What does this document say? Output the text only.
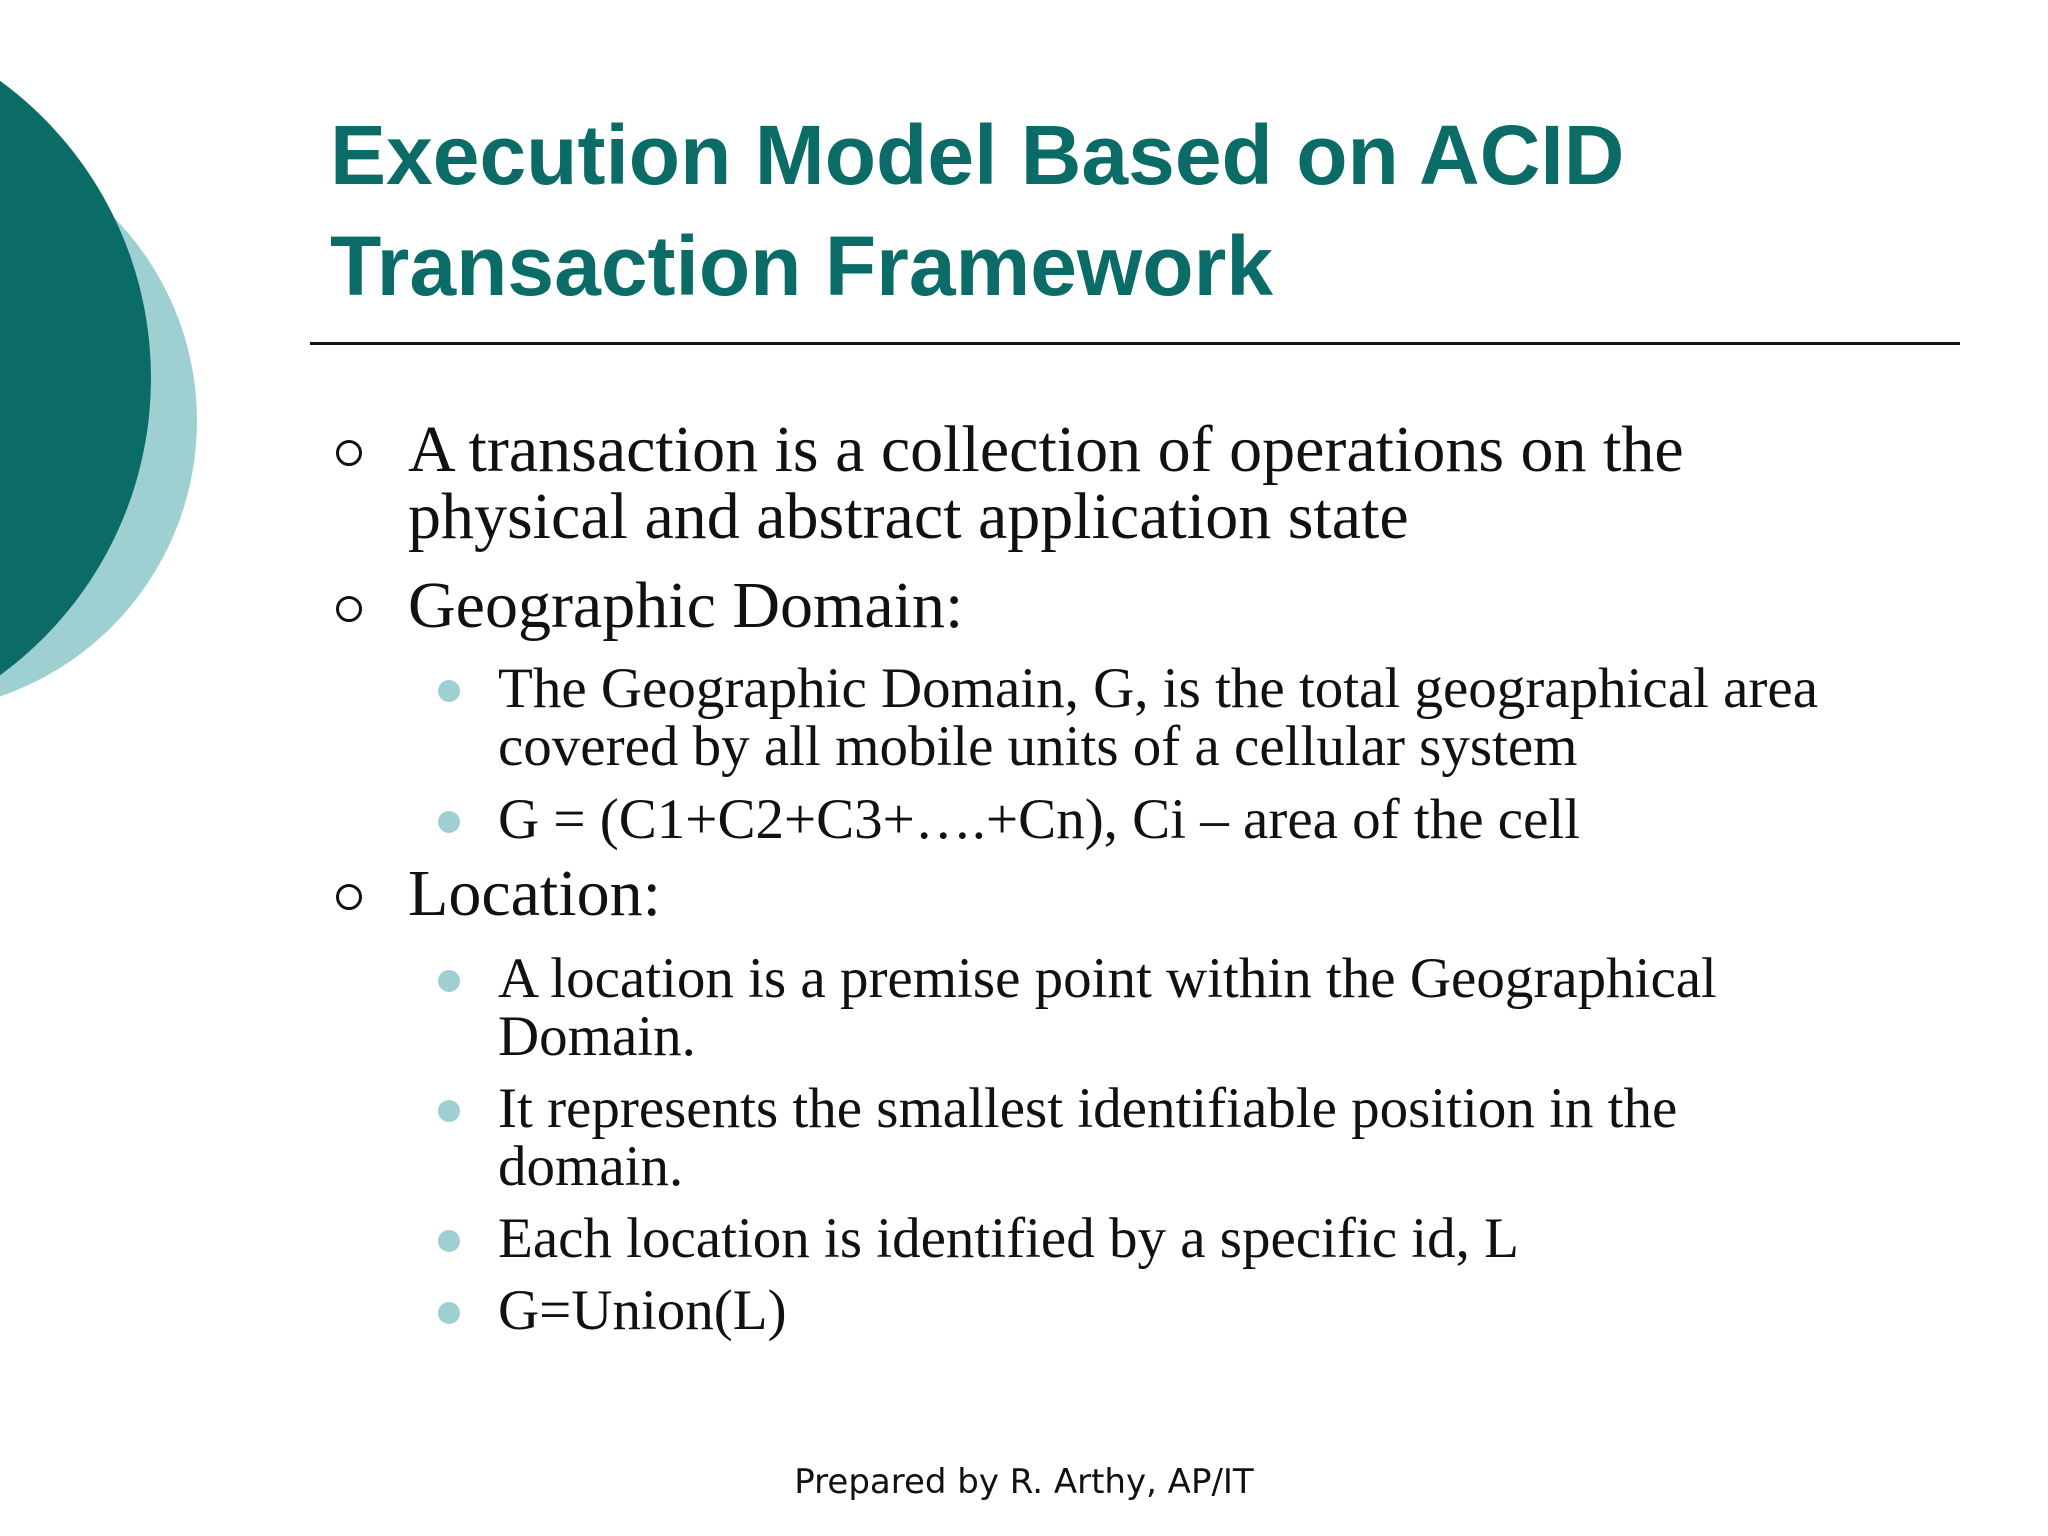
Execution Model Based on ACID
Transaction Framework
A transaction is a collection of operations on the
physical and abstract application state
Geographic Domain:
The Geographic Domain, G, is the total geographical area
covered by all mobile units of a cellular system
G = (C1+C2+C3+….+Cn), Ci – area of the cell
Location:
A location is a premise point within the Geographical
Domain.
It represents the smallest identifiable position in the
domain.
Each location is identified by a specific id, L
G=Union(L)
Prepared by R. Arthy, AP/IT
